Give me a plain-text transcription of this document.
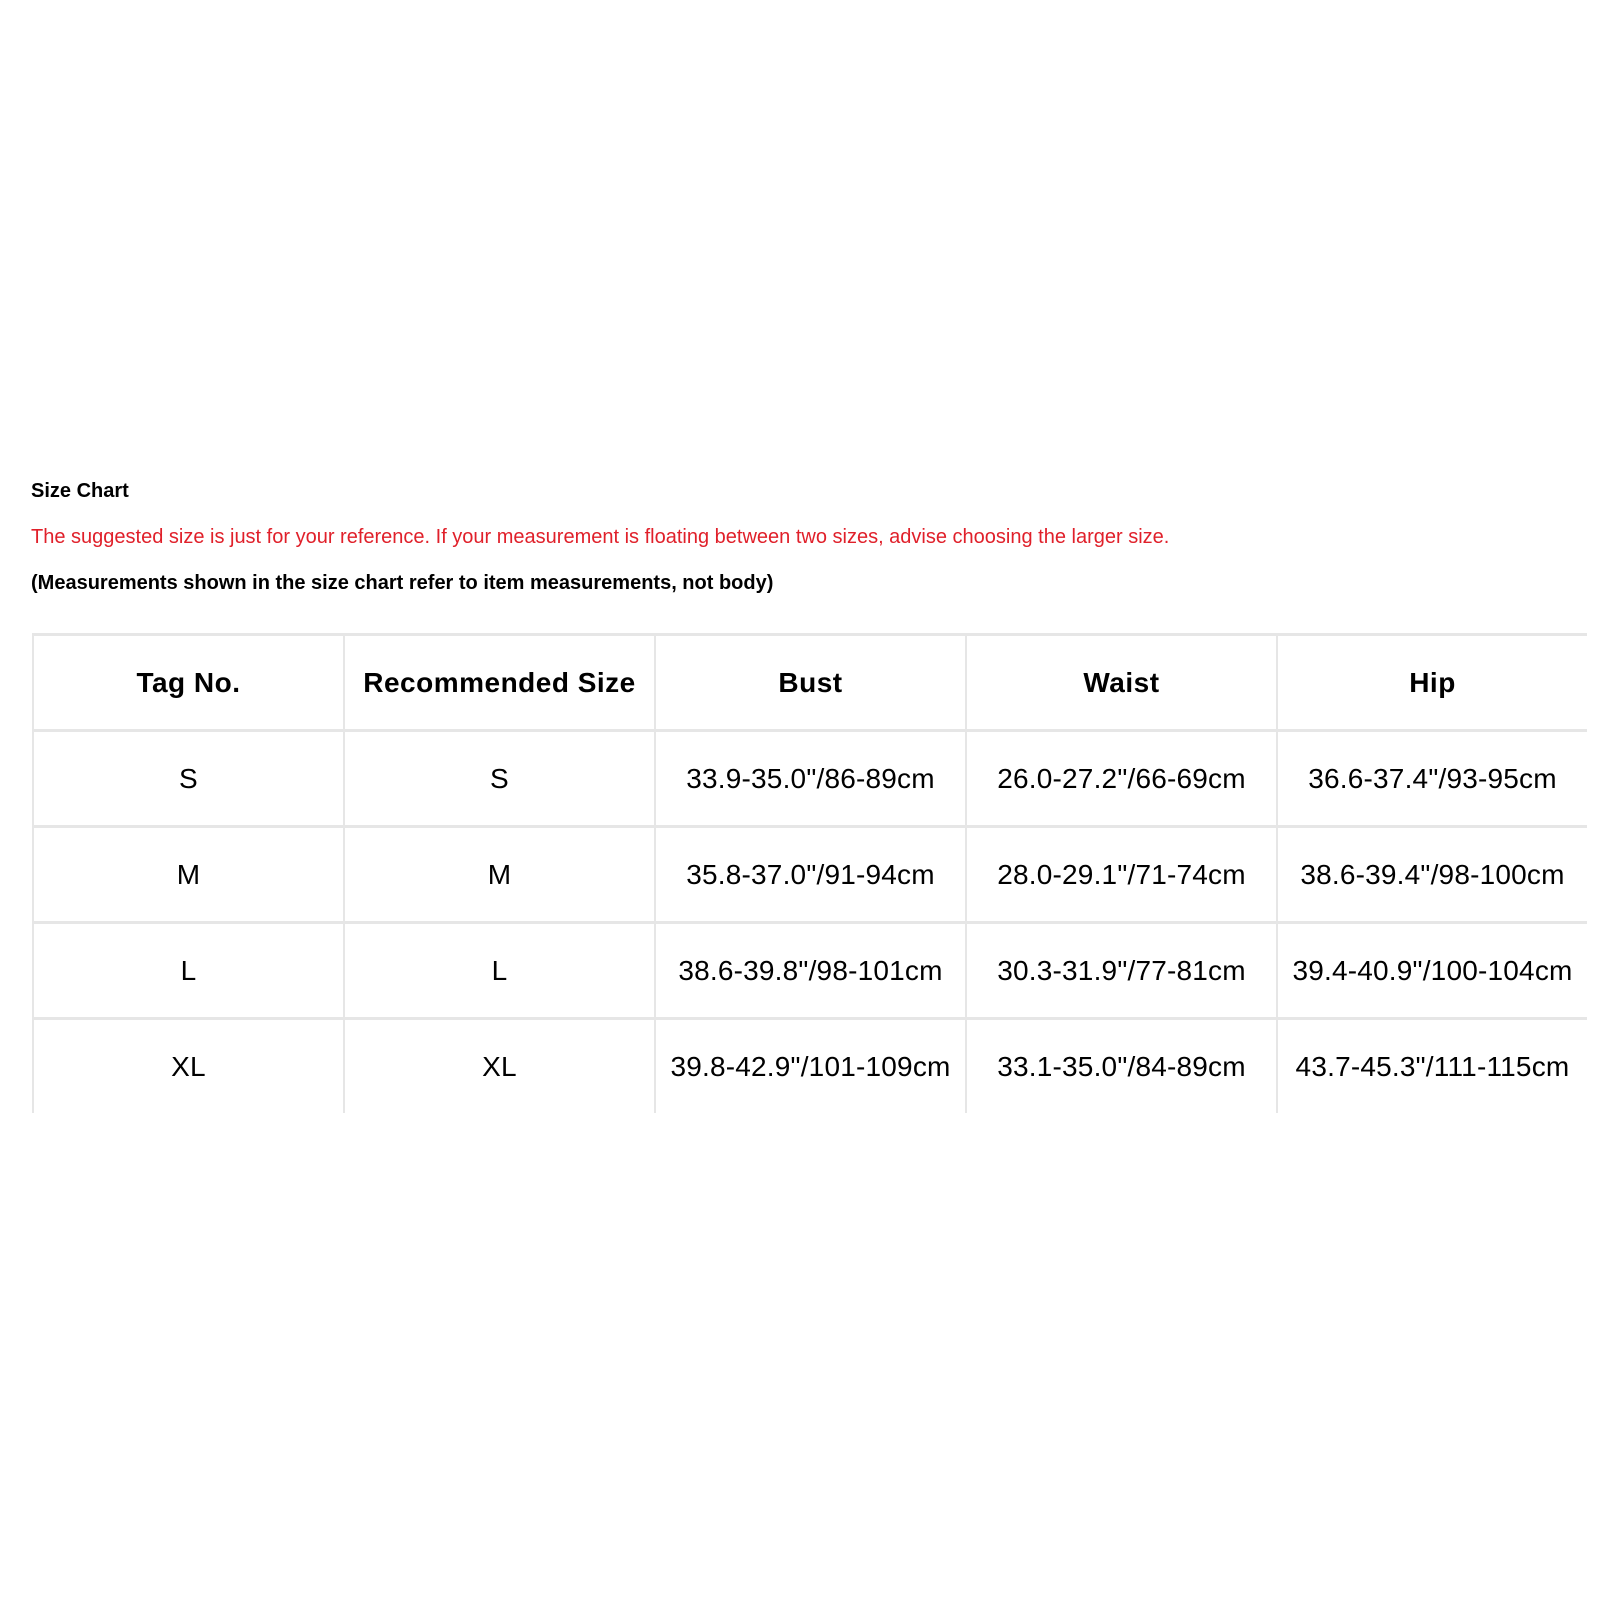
Size Chart
The suggested size is just for your reference. If your measurement is floating between two sizes, advise choosing the larger size.
(Measurements shown in the size chart refer to item measurements, not body)
Tag No.	Recommended Size	Bust	Waist	Hip
S	S	33.9-35.0"/86-89cm	26.0-27.2"/66-69cm	36.6-37.4"/93-95cm
M	M	35.8-37.0"/91-94cm	28.0-29.1"/71-74cm	38.6-39.4"/98-100cm
L	L	38.6-39.8"/98-101cm	30.3-31.9"/77-81cm	39.4-40.9"/100-104cm
XL	XL	39.8-42.9"/101-109cm	33.1-35.0"/84-89cm	43.7-45.3"/111-115cm
